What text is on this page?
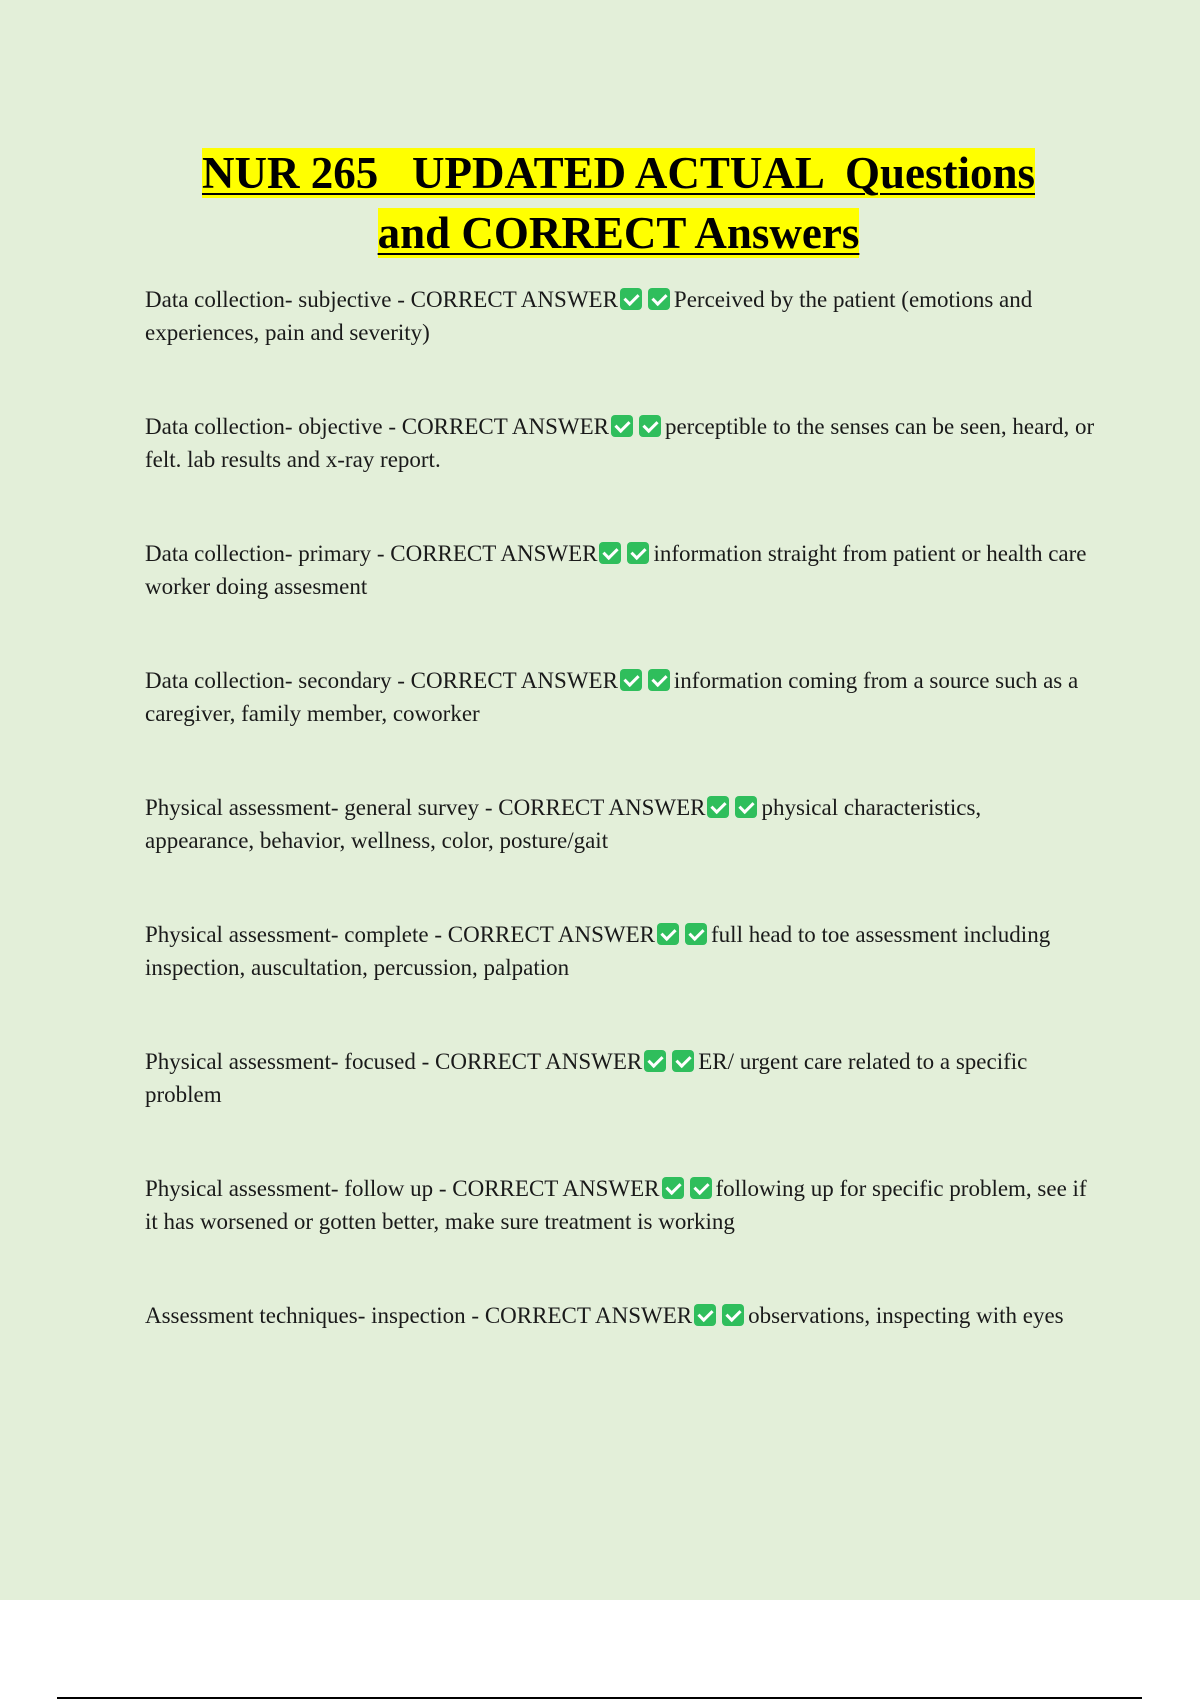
NUR 265   UPDATED ACTUAL  Questions
and CORRECT Answers

Data collection- subjective - CORRECT ANSWER Perceived by the patient (emotions and experiences, pain and severity)

Data collection- objective - CORRECT ANSWER perceptible to the senses can be seen, heard, or felt. lab results and x-ray report.

Data collection- primary - CORRECT ANSWER information straight from patient or health care worker doing assesment

Data collection- secondary - CORRECT ANSWER information coming from a source such as a caregiver, family member, coworker

Physical assessment- general survey - CORRECT ANSWER physical characteristics, appearance, behavior, wellness, color, posture/gait

Physical assessment- complete - CORRECT ANSWER full head to toe assessment including inspection, auscultation, percussion, palpation

Physical assessment- focused - CORRECT ANSWER ER/ urgent care related to a specific problem

Physical assessment- follow up - CORRECT ANSWER following up for specific problem, see if it has worsened or gotten better, make sure treatment is working

Assessment techniques- inspection - CORRECT ANSWER observations, inspecting with eyes
